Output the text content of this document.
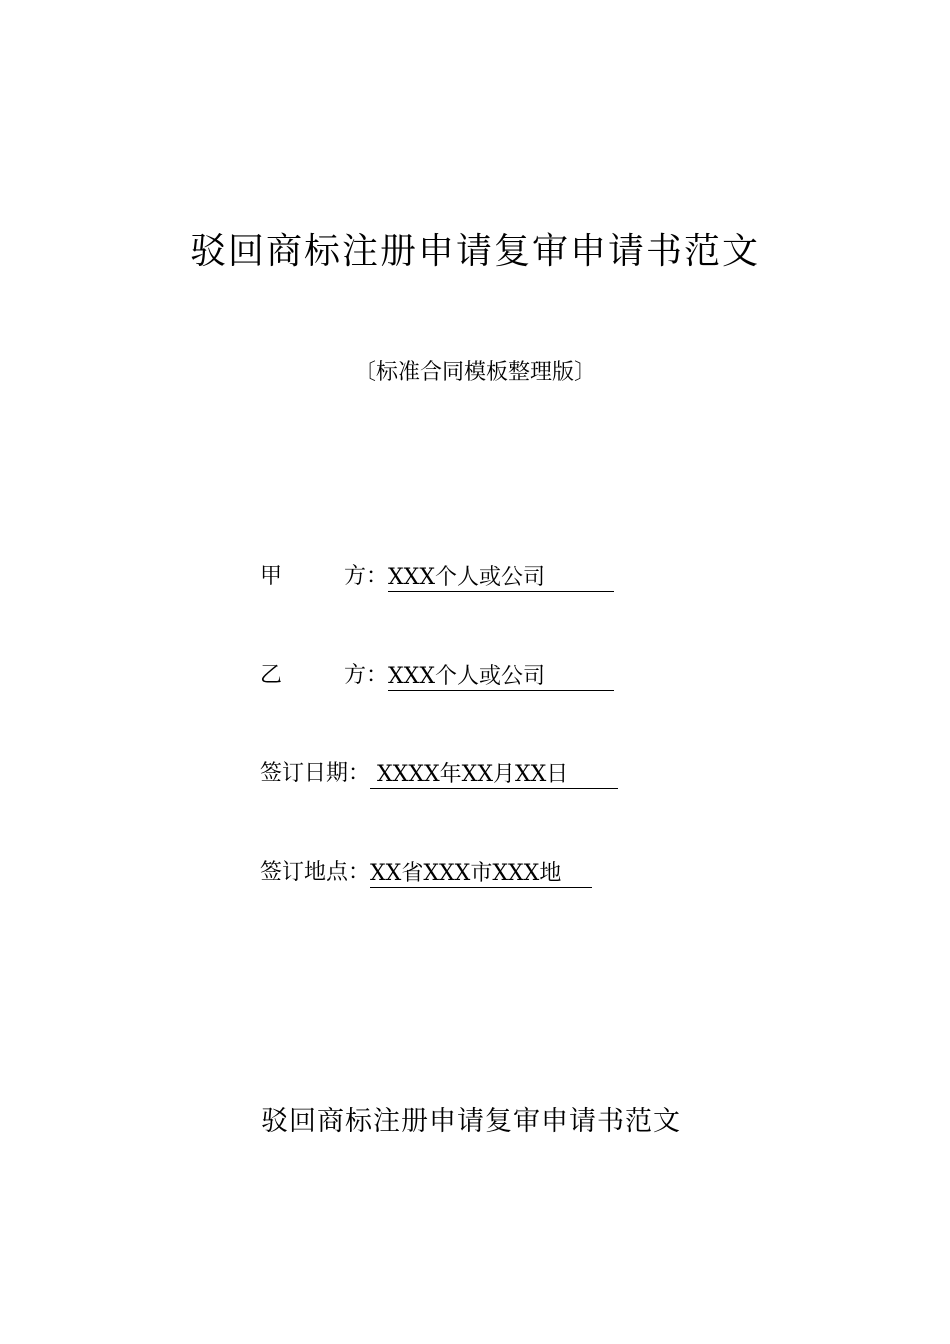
驳回商标注册申请复审申请书范文
〔标准合同模板整理版〕
甲	方： XXX个人或公司
乙	方： XXX个人或公司
签订日期： XXXX年XX月XX日
签订地点： XX省XXX市XXX地
驳回商标注册申请复审申请书范文
